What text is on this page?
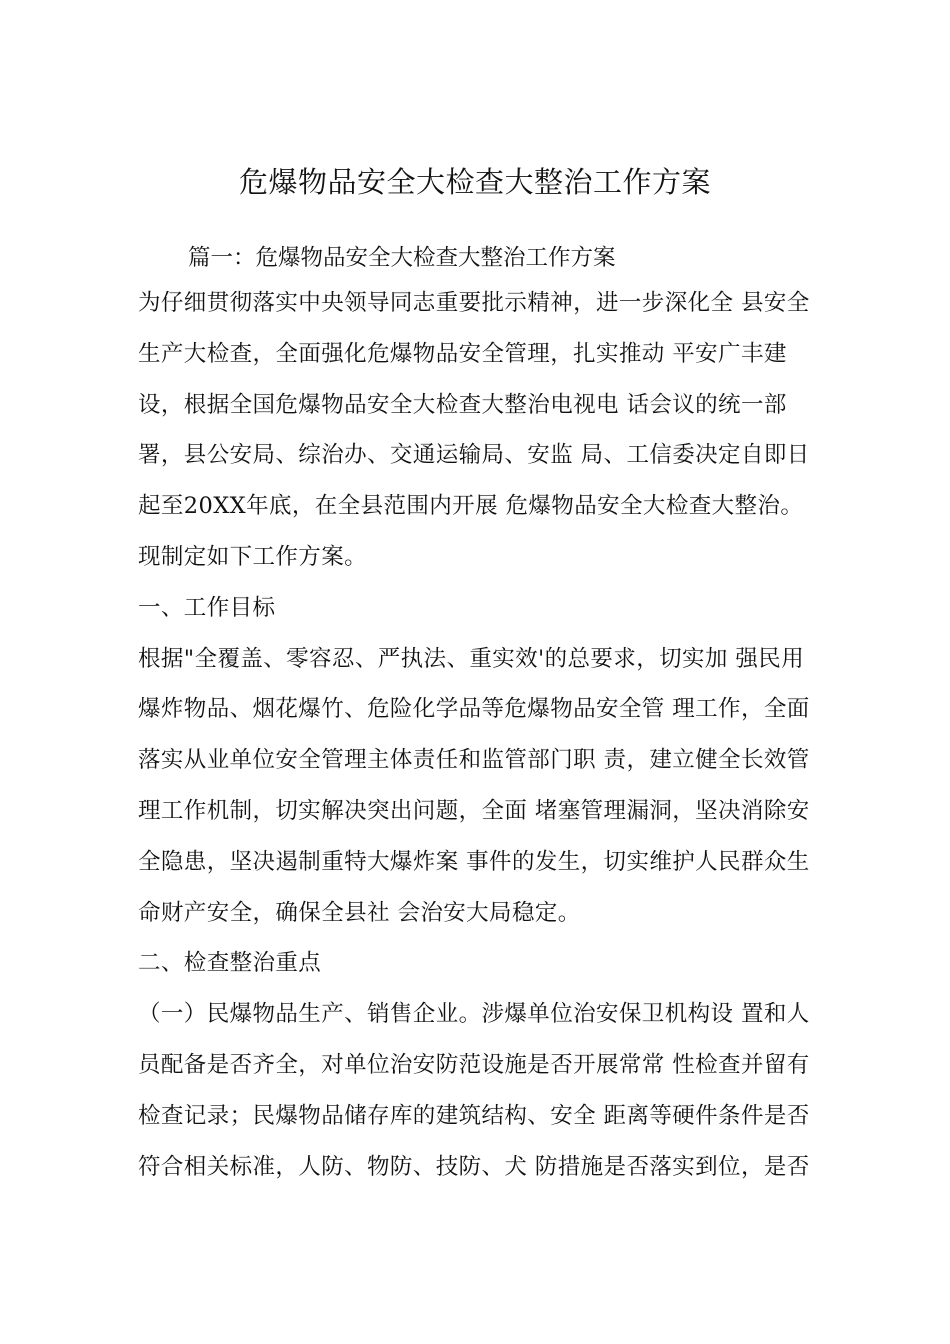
危爆物品安全大检查大整治工作方案
篇一：危爆物品安全大检查大整治工作方案
为仔细贯彻落实中央领导同志重要批示精神，进一步深化全 县安全
生产大检查，全面强化危爆物品安全管理，扎实推动 平安广丰建
设，根据全国危爆物品安全大检查大整治电视电 话会议的统一部
署，县公安局、综治办、交通运输局、安监 局、工信委决定自即日
起至20XX年底，在全县范围内开展 危爆物品安全大检查大整治。
现制定如下工作方案。
一、工作目标
根据"全覆盖、零容忍、严执法、重实效'的总要求，切实加 强民用
爆炸物品、烟花爆竹、危险化学品等危爆物品安全管 理工作，全面
落实从业单位安全管理主体责任和监管部门职 责，建立健全长效管
理工作机制，切实解决突出问题，全面 堵塞管理漏洞，坚决消除安
全隐患，坚决遏制重特大爆炸案 事件的发生，切实维护人民群众生
命财产安全，确保全县社 会治安大局稳定。
二、检查整治重点
（一）民爆物品生产、销售企业。涉爆单位治安保卫机构设 置和人
员配备是否齐全，对单位治安防范设施是否开展常常 性检查并留有
检查记录；民爆物品储存库的建筑结构、安全 距离等硬件条件是否
符合相关标准，人防、物防、技防、犬 防措施是否落实到位，是否
